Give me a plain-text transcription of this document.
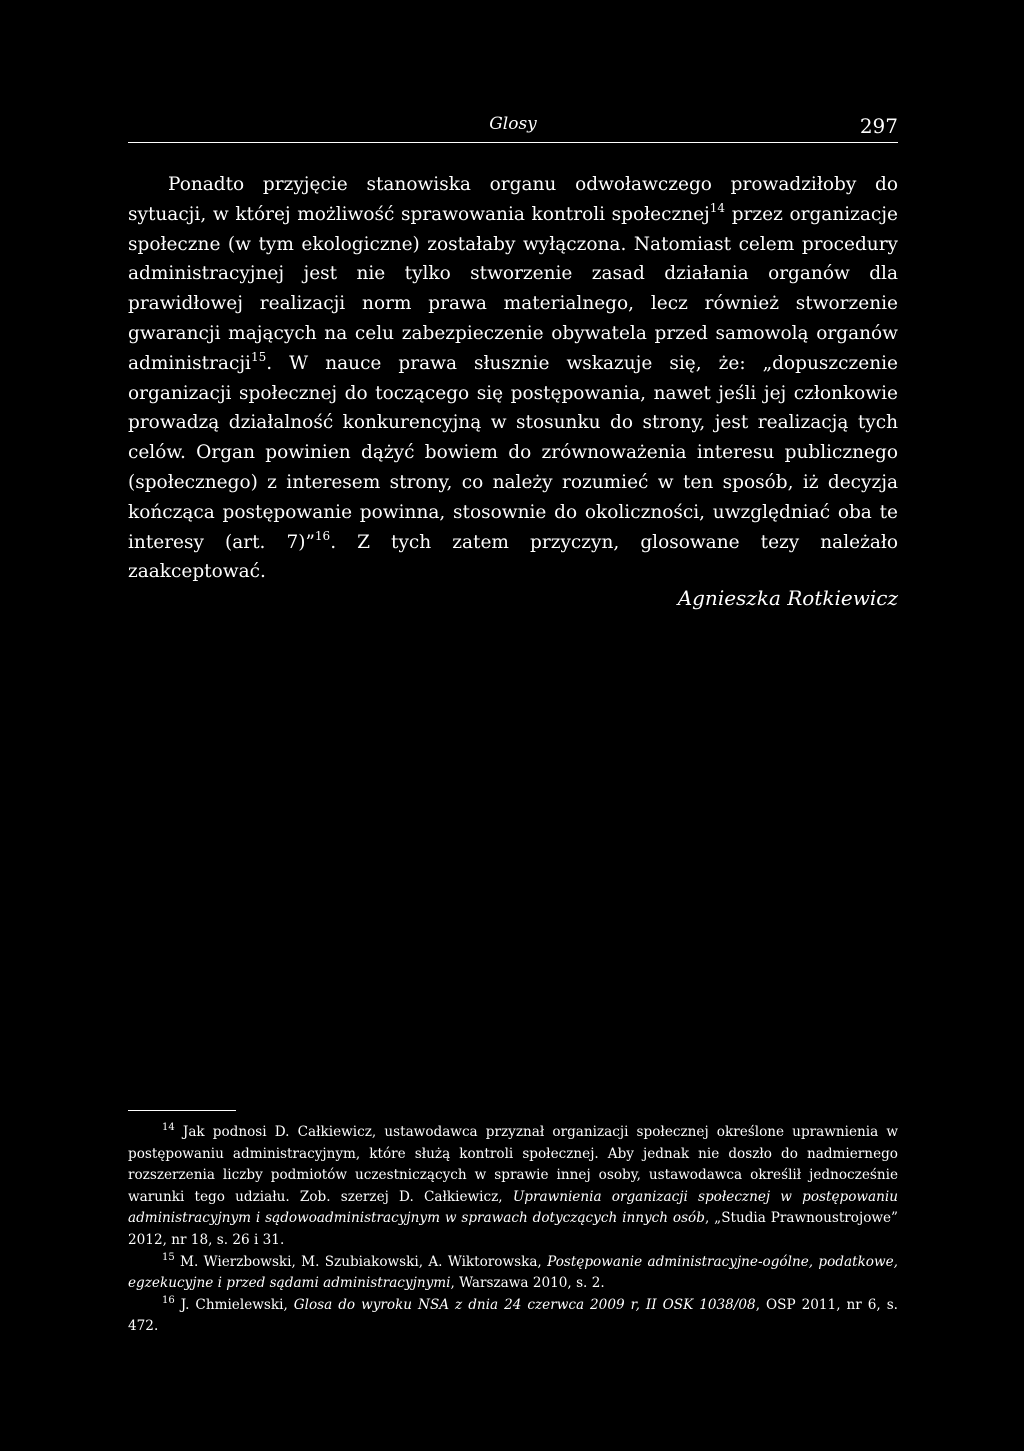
Glosy	297

Ponadto przyjęcie stanowiska organu odwoławczego prowadziłoby do sytuacji, w której możliwość sprawowania kontroli społecznej$^{14}$ przez organizacje społeczne (w tym ekologiczne) zostałaby wyłączona. Natomiast celem procedury administracyjnej jest nie tylko stworzenie zasad działania organów dla prawidłowej realizacji norm prawa materialnego, lecz również stworzenie gwarancji mających na celu zabezpieczenie obywatela przed samowolą organów administracji$^{15}$. W nauce prawa słusznie wskazuje się, że: „dopuszczenie organizacji społecznej do toczącego się postępowania, nawet jeśli jej członkowie prowadzą działalność konkurencyjną w stosunku do strony, jest realizacją tych celów. Organ powinien dążyć bowiem do zrównoważenia interesu publicznego (społecznego) z interesem strony, co należy rozumieć w ten sposób, iż decyzja kończąca postępowanie powinna, stosownie do okoliczności, uwzględniać oba te interesy (art. 7)”$^{16}$. Z tych zatem przyczyn, glosowane tezy należało zaakceptować.

Agnieszka Rotkiewicz

$^{14}$ Jak podnosi D. Całkiewicz, ustawodawca przyznał organizacji społecznej określone uprawnienia w postępowaniu administracyjnym, które służą kontroli społecznej. Aby jednak nie doszło do nadmiernego rozszerzenia liczby podmiotów uczestniczących w sprawie innej osoby, ustawodawca określił jednocześnie warunki tego udziału. Zob. szerzej D. Całkiewicz, Uprawnienia organizacji społecznej w postępowaniu administracyjnym i sądowoadministracyjnym w sprawach dotyczących innych osób, „Studia Prawnoustrojowe” 2012, nr 18, s. 26 i 31.

$^{15}$ M. Wierzbowski, M. Szubiakowski, A. Wiktorowska, Postępowanie administracyjne-ogólne, podatkowe, egzekucyjne i przed sądami administracyjnymi, Warszawa 2010, s. 2.

$^{16}$ J. Chmielewski, Glosa do wyroku NSA z dnia 24 czerwca 2009 r, II OSK 1038/08, OSP 2011, nr 6, s. 472.
